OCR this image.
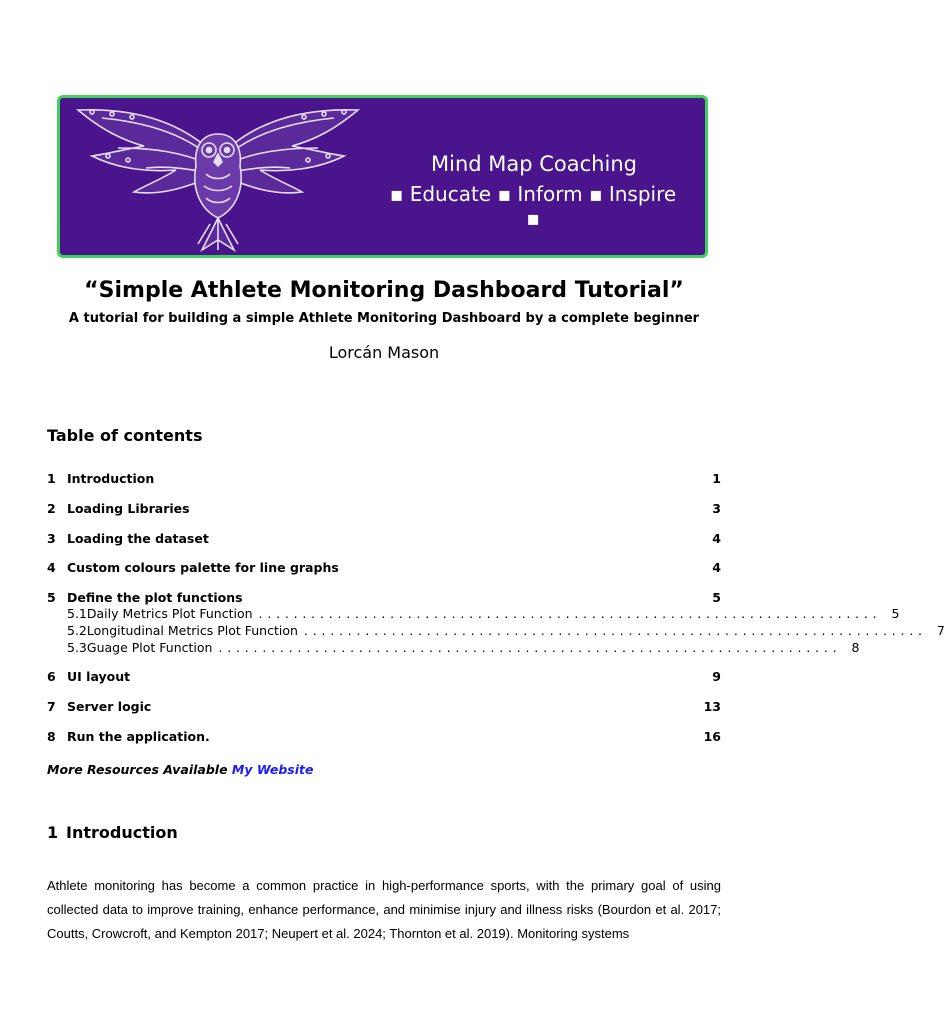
Mind Map Coaching
▪ Educate ▪ Inform ▪ Inspire ▪
“Simple Athlete Monitoring Dashboard Tutorial”
A tutorial for building a simple Athlete Monitoring Dashboard by a complete beginner
Lorcán Mason
Table of contents
1 Introduction	1
2 Loading Libraries	3
3 Loading the dataset	4
4 Custom colours palette for line graphs	4
5 Define the plot functions	5
5.1 Daily Metrics Plot Function ....................................................................... 5
5.2 Longitudinal Metrics Plot Function ....................................................................... 7
5.3 Guage Plot Function ....................................................................... 8
6 UI layout	9
7 Server logic	13
8 Run the application.	16
More Resources Available My Website
1 Introduction
Athlete monitoring has become a common practice in high-performance sports, with the primary goal of using collected data to improve training, enhance performance, and minimise injury and illness risks (Bourdon et al. 2017; Coutts, Crowcroft, and Kempton 2017; Neupert et al. 2024; Thornton et al. 2019). Monitoring systems
